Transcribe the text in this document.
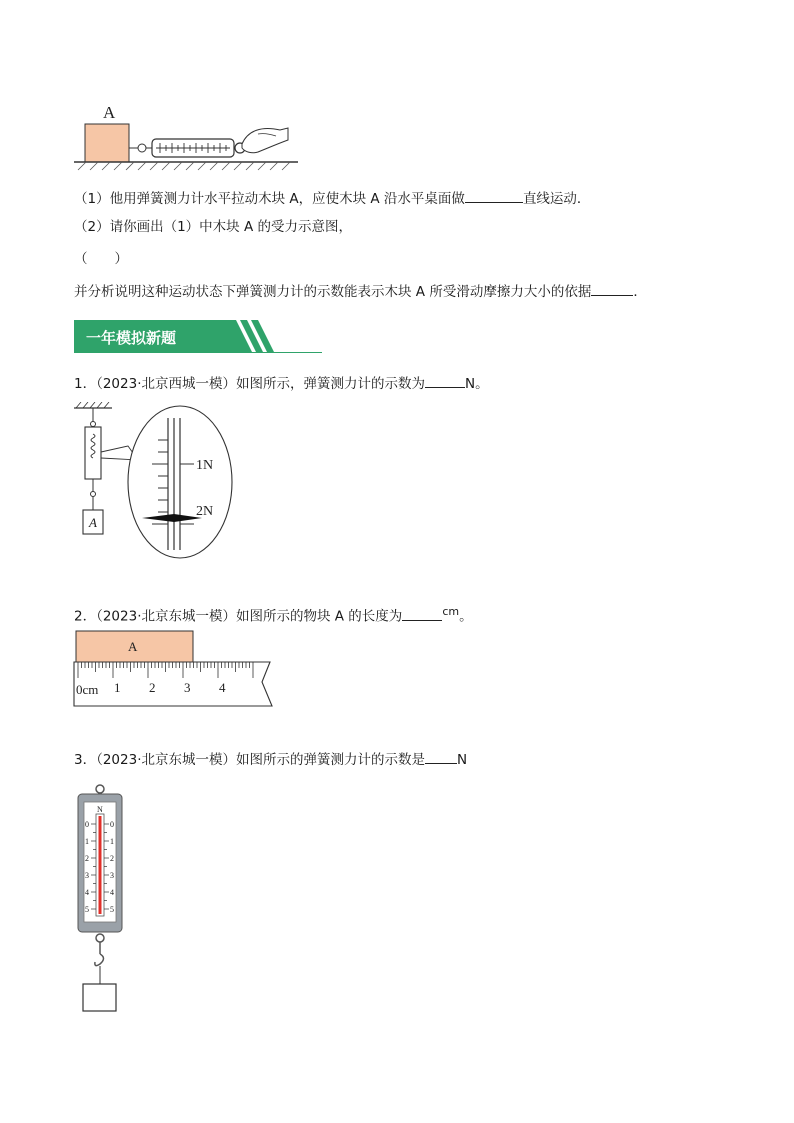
A
（1）他用弹簧测力计水平拉动木块 A，应使木块 A 沿水平桌面做	直线运动．
（2）请你画出（1）中木块 A 的受力示意图，
（　　）
并分析说明这种运动状态下弹簧测力计的示数能表示木块 A 所受滑动摩擦力大小的依据	．
一年模拟新题
1．（2023·北京西城一模）如图所示，弹簧测力计的示数为	N。
A
1N
2N
2．（2023·北京东城一模）如图所示的物块 A 的长度为	$^{cm}$。
A
0cm 1 2 3 4
3．（2023·北京东城一模）如图所示的弹簧测力计的示数是 N
N
0	0
1	1
2	2
3	3
4	4
5	5
